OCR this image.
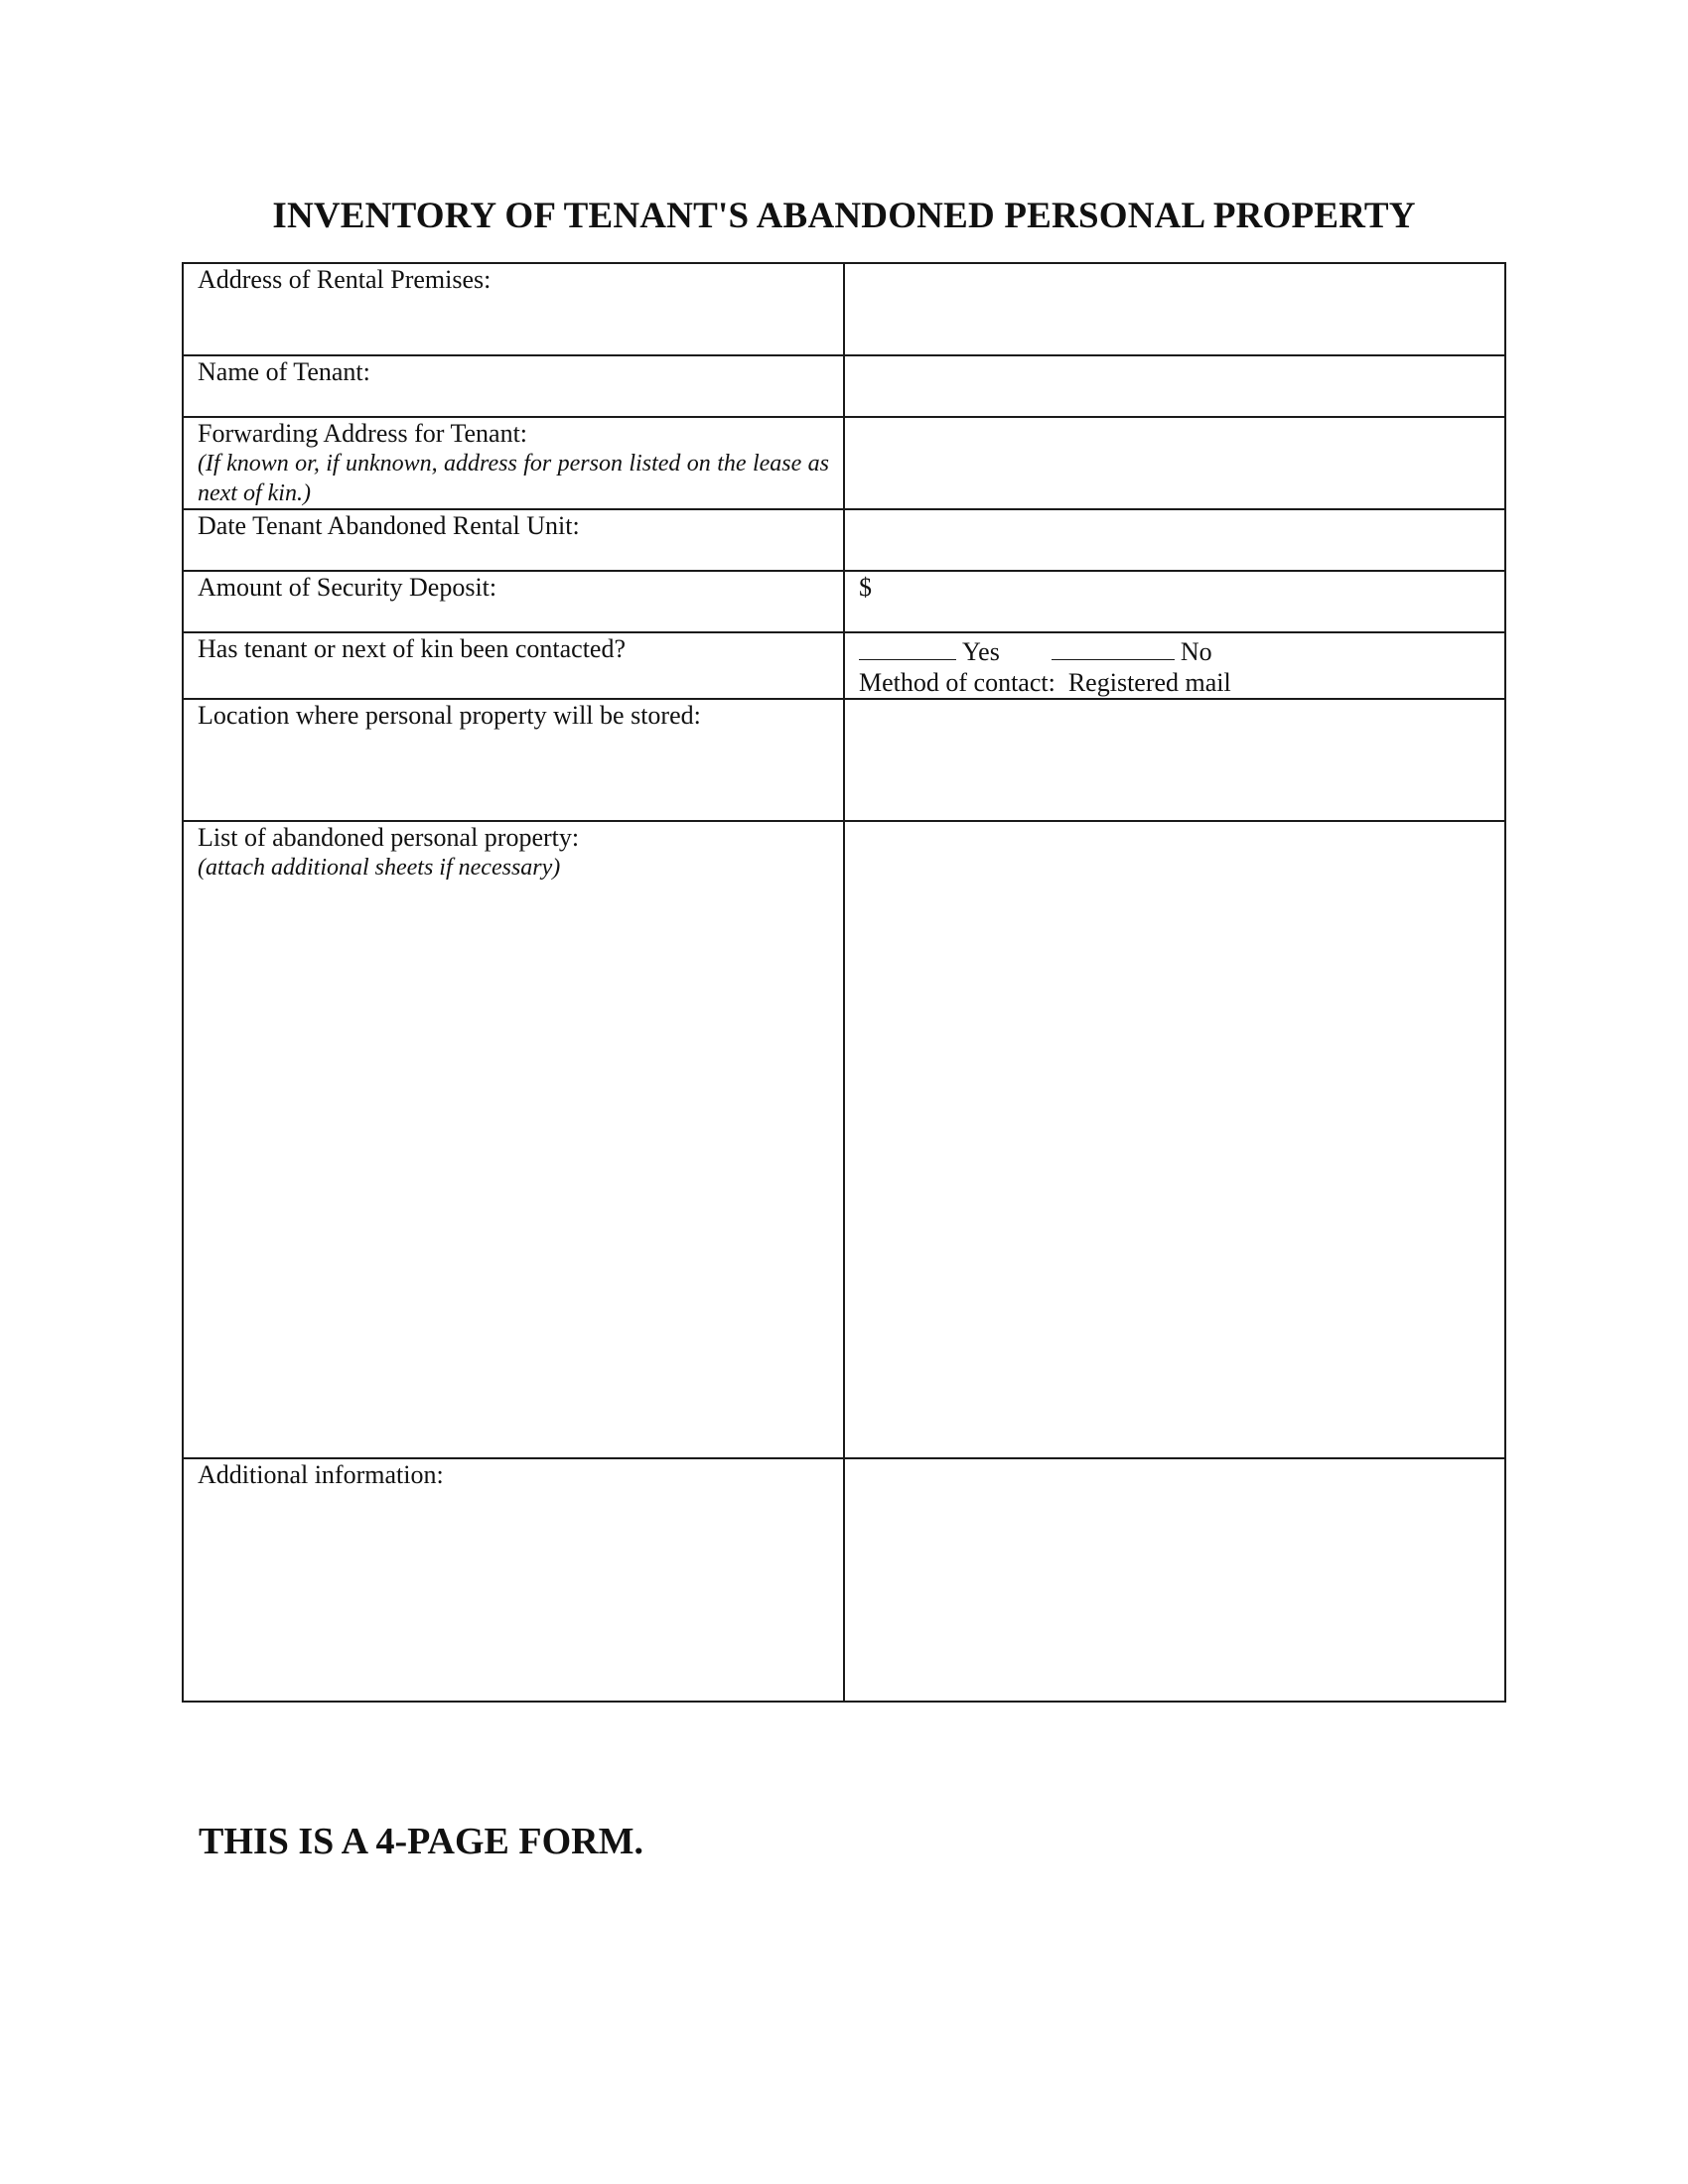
INVENTORY OF TENANT'S ABANDONED PERSONAL PROPERTY
Address of Rental Premises:	
Name of Tenant:	

Forwarding Address for Tenant:
(If known or, if unknown, address for person listed on the lease as next of kin.)	

Date Tenant Abandoned Rental Unit:	
Amount of Security Deposit:	$
Has tenant or next of kin been contacted?	Yes No
Method of contact: Registered mail

Location where personal property will be stored:	

List of abandoned personal property:
(attach additional sheets if necessary)	

Additional information:	
THIS IS A 4-PAGE FORM.
